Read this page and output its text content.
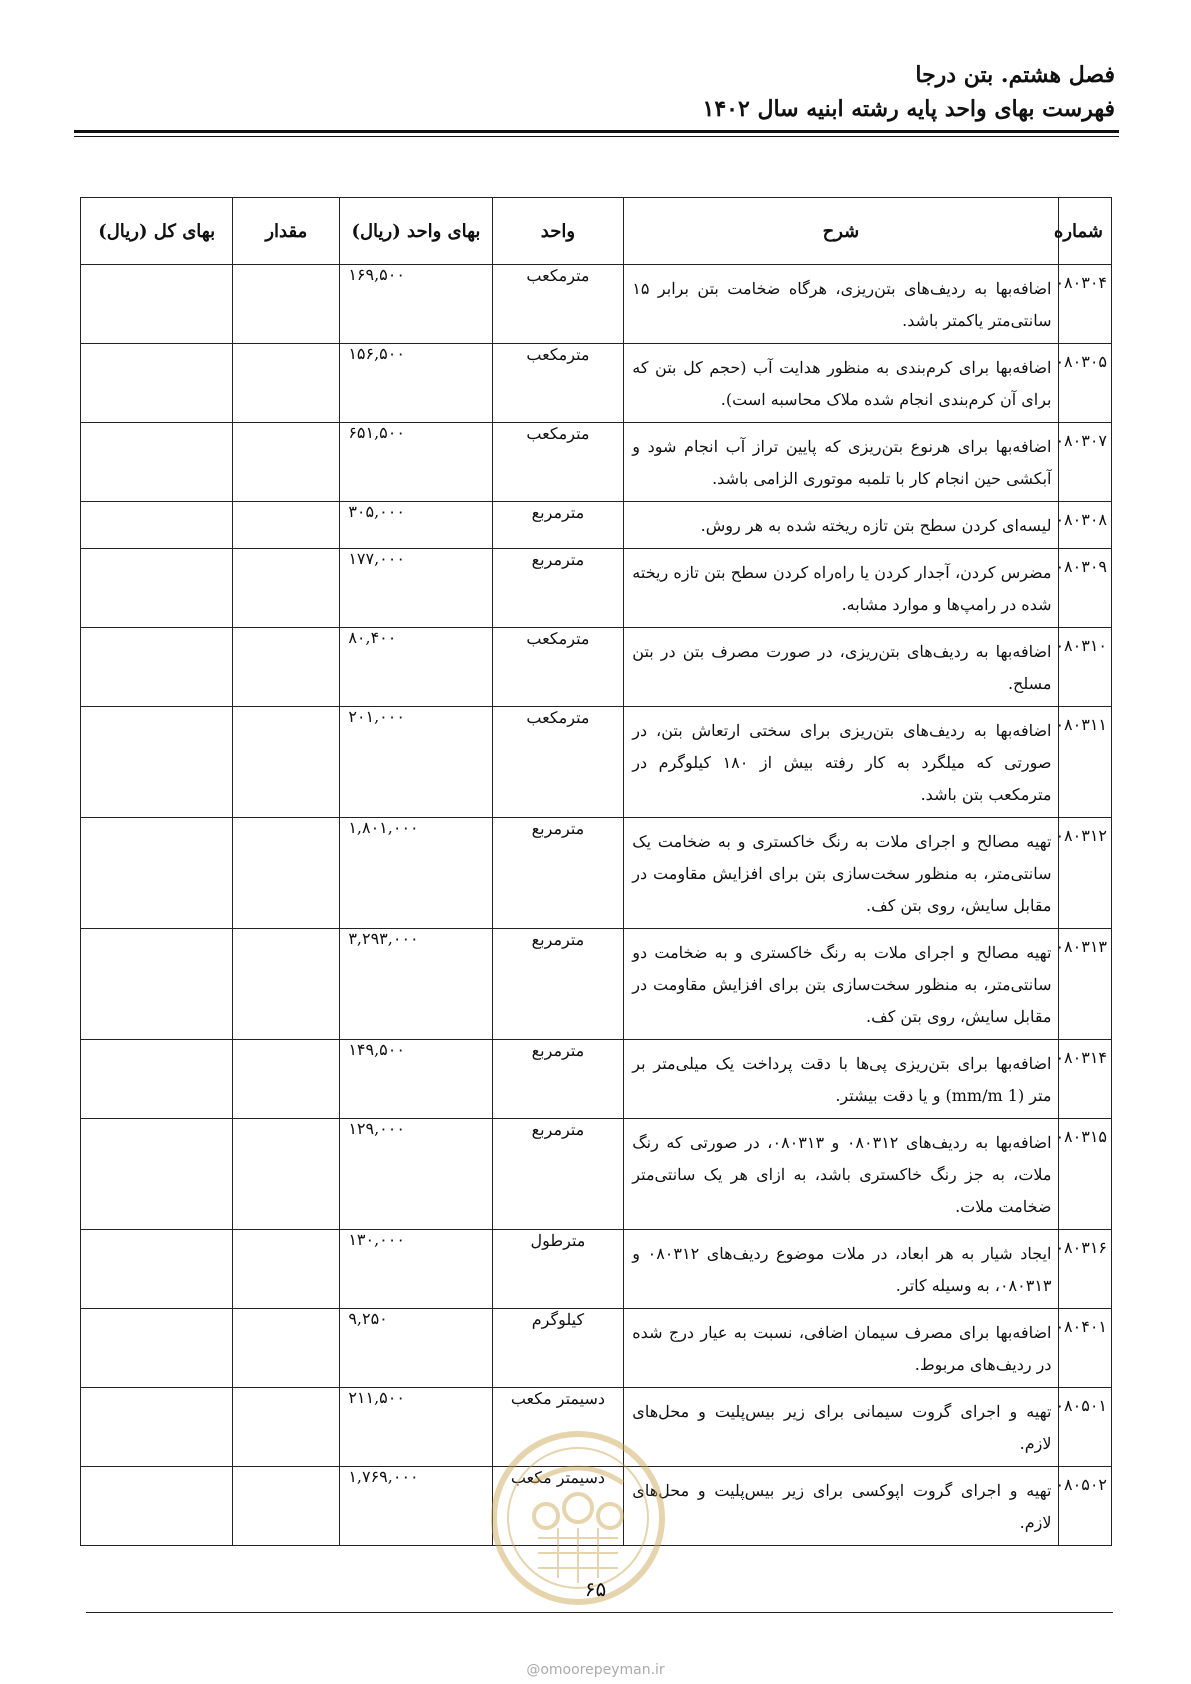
فصل هشتم. بتن درجا
فهرست بهای واحد پایه رشته ابنیه سال ۱۴۰۲
شماره	شرح	واحد	بهای واحد (ریال)	مقدار	بهای کل (ریال)
۰۸۰۳۰۴	اضافه‌بها به ردیف‌های بتن‌ریزی، هرگاه ضخامت بتن برابر ۱۵ سانتی‌متر یاکمتر باشد.	مترمکعب	۱۶۹,۵۰۰		
۰۸۰۳۰۵	اضافه‌بها برای کرم‌بندی به منظور هدایت آب (حجم کل بتن که برای آن کرم‌بندی انجام شده ملاک محاسبه است).	مترمکعب	۱۵۶,۵۰۰		
۰۸۰۳۰۷	اضافه‌بها برای هرنوع بتن‌ریزی که پایین تراز آب انجام شود و آبکشی حین انجام کار با تلمبه موتوری الزامی باشد.	مترمکعب	۶۵۱,۵۰۰		
۰۸۰۳۰۸	لیسه‌ای کردن سطح بتن تازه ریخته شده به هر روش.	مترمربع	۳۰۵,۰۰۰		
۰۸۰۳۰۹	مضرس کردن، آجدار کردن یا راه‌راه کردن سطح بتن تازه ریخته شده در رامپ‌ها و موارد مشابه.	مترمربع	۱۷۷,۰۰۰		
۰۸۰۳۱۰	اضافه‌بها به ردیف‌های بتن‌ریزی، در صورت مصرف بتن در بتن مسلح.	مترمکعب	۸۰,۴۰۰		
۰۸۰۳۱۱	اضافه‌بها به ردیف‌های بتن‌ریزی برای سختی ارتعاش بتن، در صورتی که میلگرد به کار رفته بیش از ۱۸۰ کیلوگرم در مترمکعب بتن باشد.	مترمکعب	۲۰۱,۰۰۰		
۰۸۰۳۱۲	تهیه مصالح و اجرای ملات به رنگ خاکستری و به ضخامت یک سانتی‌متر، به منظور سخت‌سازی بتن برای افزایش مقاومت در مقابل سایش، روی بتن کف.	مترمربع	۱,۸۰۱,۰۰۰		
۰۸۰۳۱۳	تهیه مصالح و اجرای ملات به رنگ خاکستری و به ضخامت دو سانتی‌متر، به منظور سخت‌سازی بتن برای افزایش مقاومت در مقابل سایش، روی بتن کف.	مترمربع	۳,۲۹۳,۰۰۰		
۰۸۰۳۱۴	اضافه‌بها برای بتن‌ریزی پی‌ها با دقت پرداخت یک میلی‌متر بر متر (1 mm/m) و یا دقت بیشتر.	مترمربع	۱۴۹,۵۰۰		
۰۸۰۳۱۵	اضافه‌بها به ردیف‌های ۰۸۰۳۱۲ و ۰۸۰۳۱۳، در صورتی که رنگ ملات، به جز رنگ خاکستری باشد، به ازای هر یک سانتی‌متر ضخامت ملات.	مترمربع	۱۲۹,۰۰۰		
۰۸۰۳۱۶	ایجاد شیار به هر ابعاد، در ملات موضوع ردیف‌های ۰۸۰۳۱۲ و ۰۸۰۳۱۳، به وسیله کاتر.	مترطول	۱۳۰,۰۰۰		
۰۸۰۴۰۱	اضافه‌بها برای مصرف سیمان اضافی، نسبت به عیار درج شده در ردیف‌های مربوط.	کیلوگرم	۹,۲۵۰		
۰۸۰۵۰۱	تهیه و اجرای گروت سیمانی برای زیر بیس‌پلیت و محل‌های لازم.	دسیمتر مکعب	۲۱۱,۵۰۰		
۰۸۰۵۰۲	تهیه و اجرای گروت اپوکسی برای زیر بیس‌پلیت و محل‌های لازم.	دسیمتر مکعب	۱,۷۶۹,۰۰۰		
۶۵
@omoorepeyman.ir
